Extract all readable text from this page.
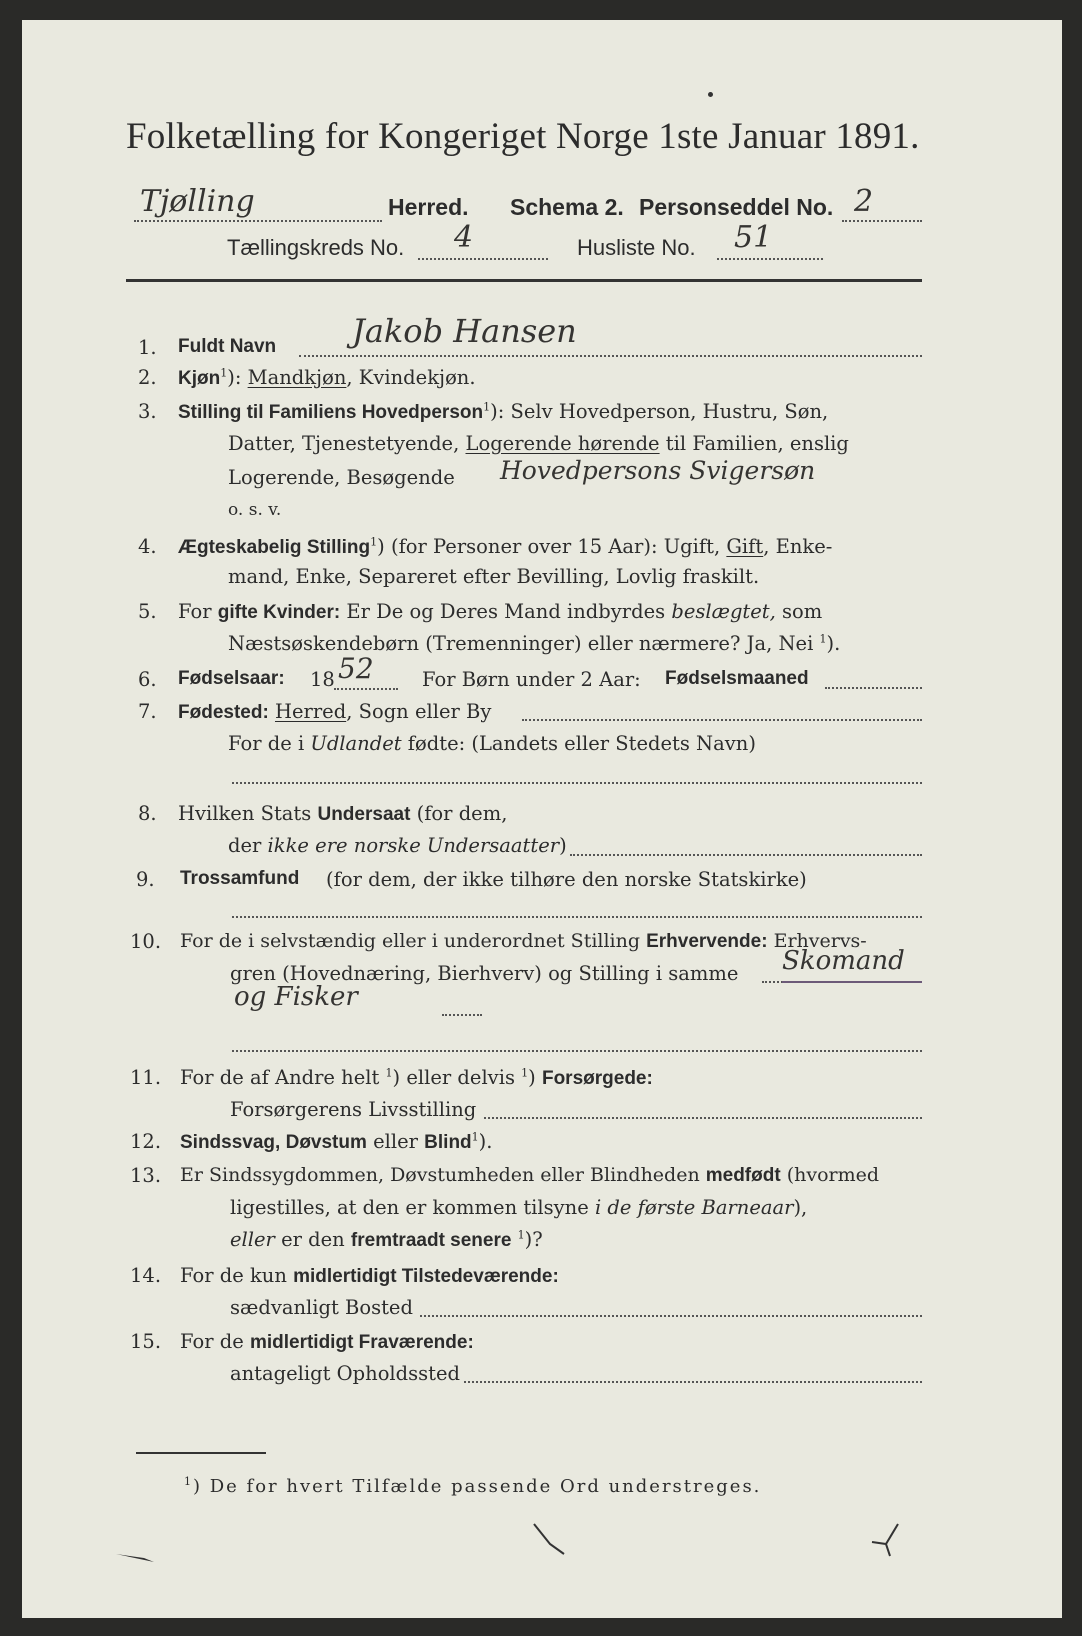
Folketælling for Kongeriget Norge 1ste Januar 1891.
Tjølling	Herred. Schema 2. Personseddel No. 2
Tællingskreds No. 4	Husliste No. 51
1. Fuldt Navn Jakob Hansen
2. Kjøn$^1$): Mandkjøn, Kvindekjøn.
3. Stilling til Familiens Hovedperson$^1$): Selv Hovedperson, Hustru, Søn,
Datter, Tjenestetyende, Logerende hørende til Familien, enslig
Logerende, Besøgende Hovedpersons Svigersøn
o. s. v.
4. Ægteskabelig Stilling$^1$) (for Personer over 15 Aar): Ugift, Gift, Enke-
mand, Enke, Separeret efter Bevilling, Lovlig fraskilt.
5. For gifte Kvinder: Er De og Deres Mand indbyrdes beslægtet, som
Næstsøskendebørn (Tremenninger) eller nærmere? Ja, Nei $^1$).
6. Fødselsaar: 18 52 For Børn under 2 Aar: Fødselsmaaned
7. Fødested: Herred, Sogn eller By
For de i Udlandet fødte: (Landets eller Stedets Navn)
8. Hvilken Stats Undersaat (for dem,
der ikke ere norske Undersaatter)
9. Trossamfund (for dem, der ikke tilhøre den norske Statskirke)
10. For de i selvstændig eller i underordnet Stilling Erhvervende: Erhvervs-
gren (Hovednæring, Bierhverv) og Stilling i samme Skomand
og Fisker
11. For de af Andre helt $^1$) eller delvis $^1$) Forsørgede:
Forsørgerens Livsstilling
12. Sindssvag, Døvstum eller Blind$^1$).
13. Er Sindssygdommen, Døvstumheden eller Blindheden medfødt (hvormed
ligestilles, at den er kommen tilsyne i de første Barneaar),
eller er den fremtraadt senere $^1$)?
14. For de kun midlertidigt Tilstedeværende:
sædvanligt Bosted
15. For de midlertidigt Fraværende:
antageligt Opholdssted
$^1$) De for hvert Tilfælde passende Ord understreges.
